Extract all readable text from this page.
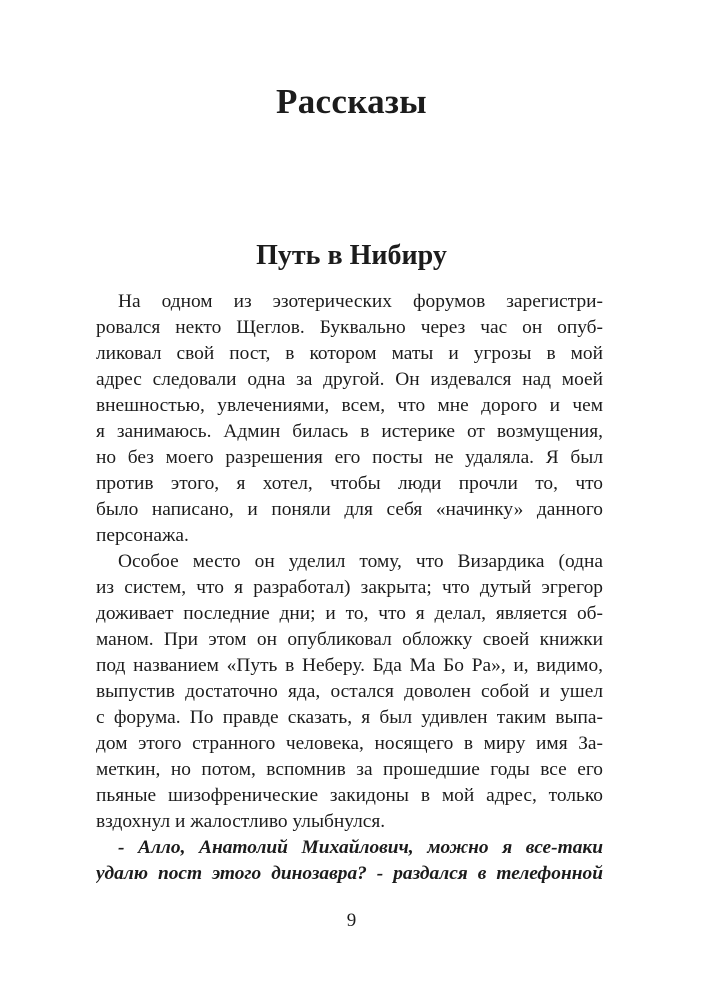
Рассказы
Путь в Нибиру
На одном из эзотерических форумов зарегистри-
ровался некто Щеглов. Буквально через час он опуб-
ликовал свой пост, в котором маты и угрозы в мой
адрес следовали одна за другой. Он издевался над моей
внешностью, увлечениями, всем, что мне дорого и чем
я занимаюсь. Админ билась в истерике от возмущения,
но без моего разрешения его посты не удаляла. Я был
против этого, я хотел, чтобы люди прочли то, что
было написано, и поняли для себя «начинку» данного
персонажа.
Особое место он уделил тому, что Визардика (одна
из систем, что я разработал) закрыта; что дутый эгрегор
доживает последние дни; и то, что я делал, является об-
маном. При этом он опубликовал обложку своей книжки
под названием «Путь в Неберу. Бда Ма Бо Ра», и, видимо,
выпустив достаточно яда, остался доволен собой и ушел
с форума. По правде сказать, я был удивлен таким выпа-
дом этого странного человека, носящего в миру имя За-
меткин, но потом, вспомнив за прошедшие годы все его
пьяные шизофренические закидоны в мой адрес, только
вздохнул и жалостливо улыбнулся.
- Алло, Анатолий Михайлович, можно я все-таки
удалю пост этого динозавра? - раздался в телефонной
9
